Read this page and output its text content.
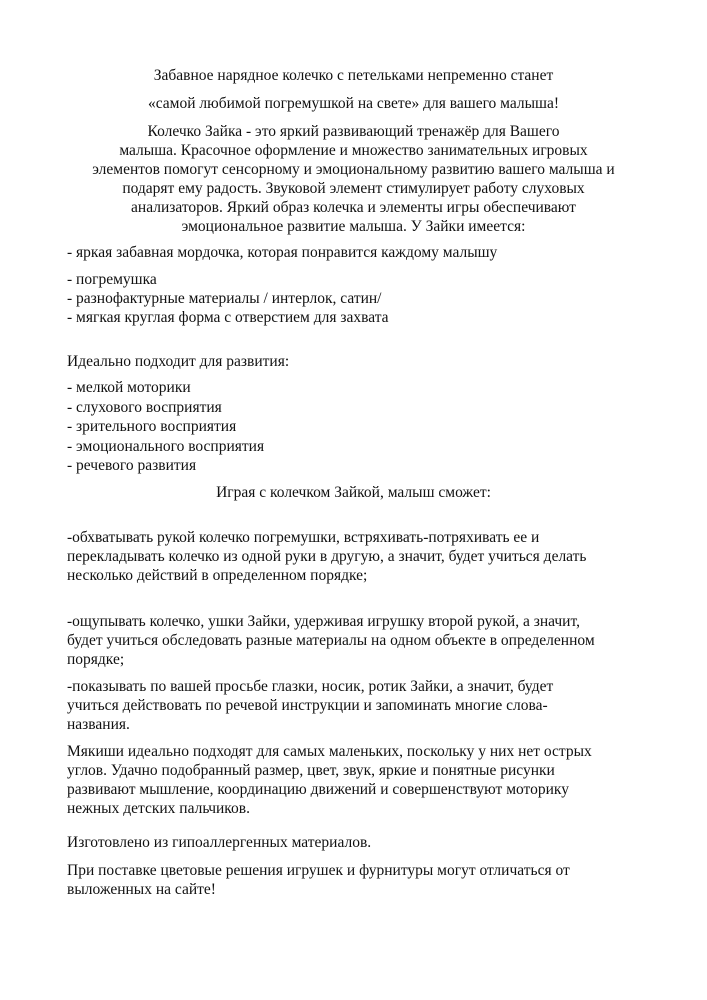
Забавное нарядное колечко с петельками непременно станет

«самой любимой погремушкой на свете» для вашего малыша!

Колечко Зайка - это яркий развивающий тренажёр для Вашего

малыша. Красочное оформление и множество занимательных игровых

элементов помогут сенсорному и эмоциональному развитию вашего малыша и

подарят ему радость. Звуковой элемент стимулирует работу слуховых

анализаторов. Яркий образ колечка и элементы игры обеспечивают

эмоциональное развитие малыша. У Зайки имеется:

- яркая забавная мордочка, которая понравится каждому малышу

- погремушка

- разнофактурные материалы / интерлок, сатин/

- мягкая круглая форма с отверстием для захвата

Идеально подходит для развития:

- мелкой моторики

- слухового восприятия

- зрительного восприятия

- эмоционального восприятия

- речевого развития

Играя с колечком Зайкой, малыш сможет:

-обхватывать рукой колечко погремушки, встряхивать-потряхивать ее и

перекладывать колечко из одной руки в другую, а значит, будет учиться делать

несколько действий в определенном порядке;

-ощупывать колечко, ушки Зайки, удерживая игрушку второй рукой, а значит,

будет учиться обследовать разные материалы на одном объекте в определенном

порядке;

-показывать по вашей просьбе глазки, носик, ротик Зайки, а значит, будет

учиться действовать по речевой инструкции и запоминать многие слова-

названия.

Мякиши идеально подходят для самых маленьких, поскольку у них нет острых

углов. Удачно подобранный размер, цвет, звук, яркие и понятные рисунки

развивают мышление, координацию движений и совершенствуют моторику

нежных детских пальчиков.

Изготовлено из гипоаллергенных материалов.

При поставке цветовые решения игрушек и фурнитуры могут отличаться от

выложенных на сайте!
